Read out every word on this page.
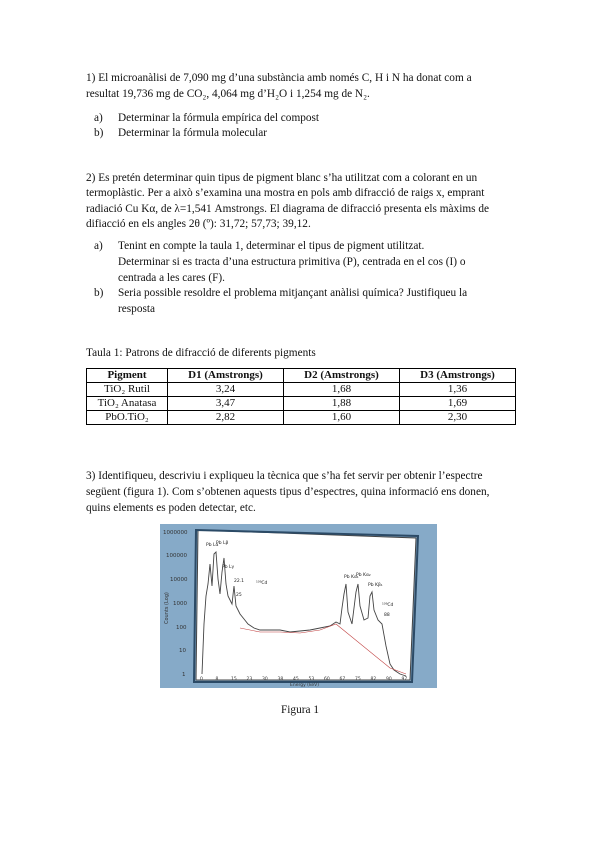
1) El microanàlisi de 7,090 mg d’una substància amb només C, H i N ha donat com a

resultat 19,736 mg de CO₂, 4,064 mg d’H₂O i 1,254 mg de N₂.

a) Determinar la fórmula empírica del compost
b) Determinar la fórmula molecular

2) Es pretén determinar quin tipus de pigment blanc s’ha utilitzat com a colorant en un

termoplàstic. Per a això s’examina una mostra en pols amb difracció de raigs x, emprant

radiació Cu Kα, de λ=1,541 Amstrongs. El diagrama de difracció presenta els màxims de

difiacció en els angles 2θ (º): 31,72; 57,73; 39,12.

a) Tenint en compte la taula 1, determinar el tipus de pigment utilitzat.
Determinar si es tracta d’una estructura primitiva (P), centrada en el cos (I) o
centrada a les cares (F).
b) Seria possible resoldre el problema mitjançant anàlisi química? Justifiqueu la
resposta

Taula 1: Patrons de difracció de diferents pigments

Pigment	D1 (Amstrongs)	D2 (Amstrongs)	D3 (Amstrongs)
TiO₂ Rutil	3,24	1,68	1,36
TiO₂ Anatasa	3,47	1,88	1,69
PbO.TiO₂	2,82	1,60	2,30

3) Identifiqueu, descriviu i expliqueu la tècnica que s’ha fet servir per obtenir l’espectre

següent (figura 1). Com s’obtenen aquests tipus d’espectres, quina informació ens donen,

quins elements es poden detectar, etc.

1000000
100000
10000
1000
100
10
1
Counts (Log)
0	8	15 23 30 38 45 53 60 67 75 82 90 97
Energy (keV)
Pb Lα
Pb Lβ
Pb Lγ
22.1
25
¹⁰⁹Cd
Pb Kα₁
Pb Kα₂
Pb Kβ₁
¹⁰⁹Cd
88
Figura 1
